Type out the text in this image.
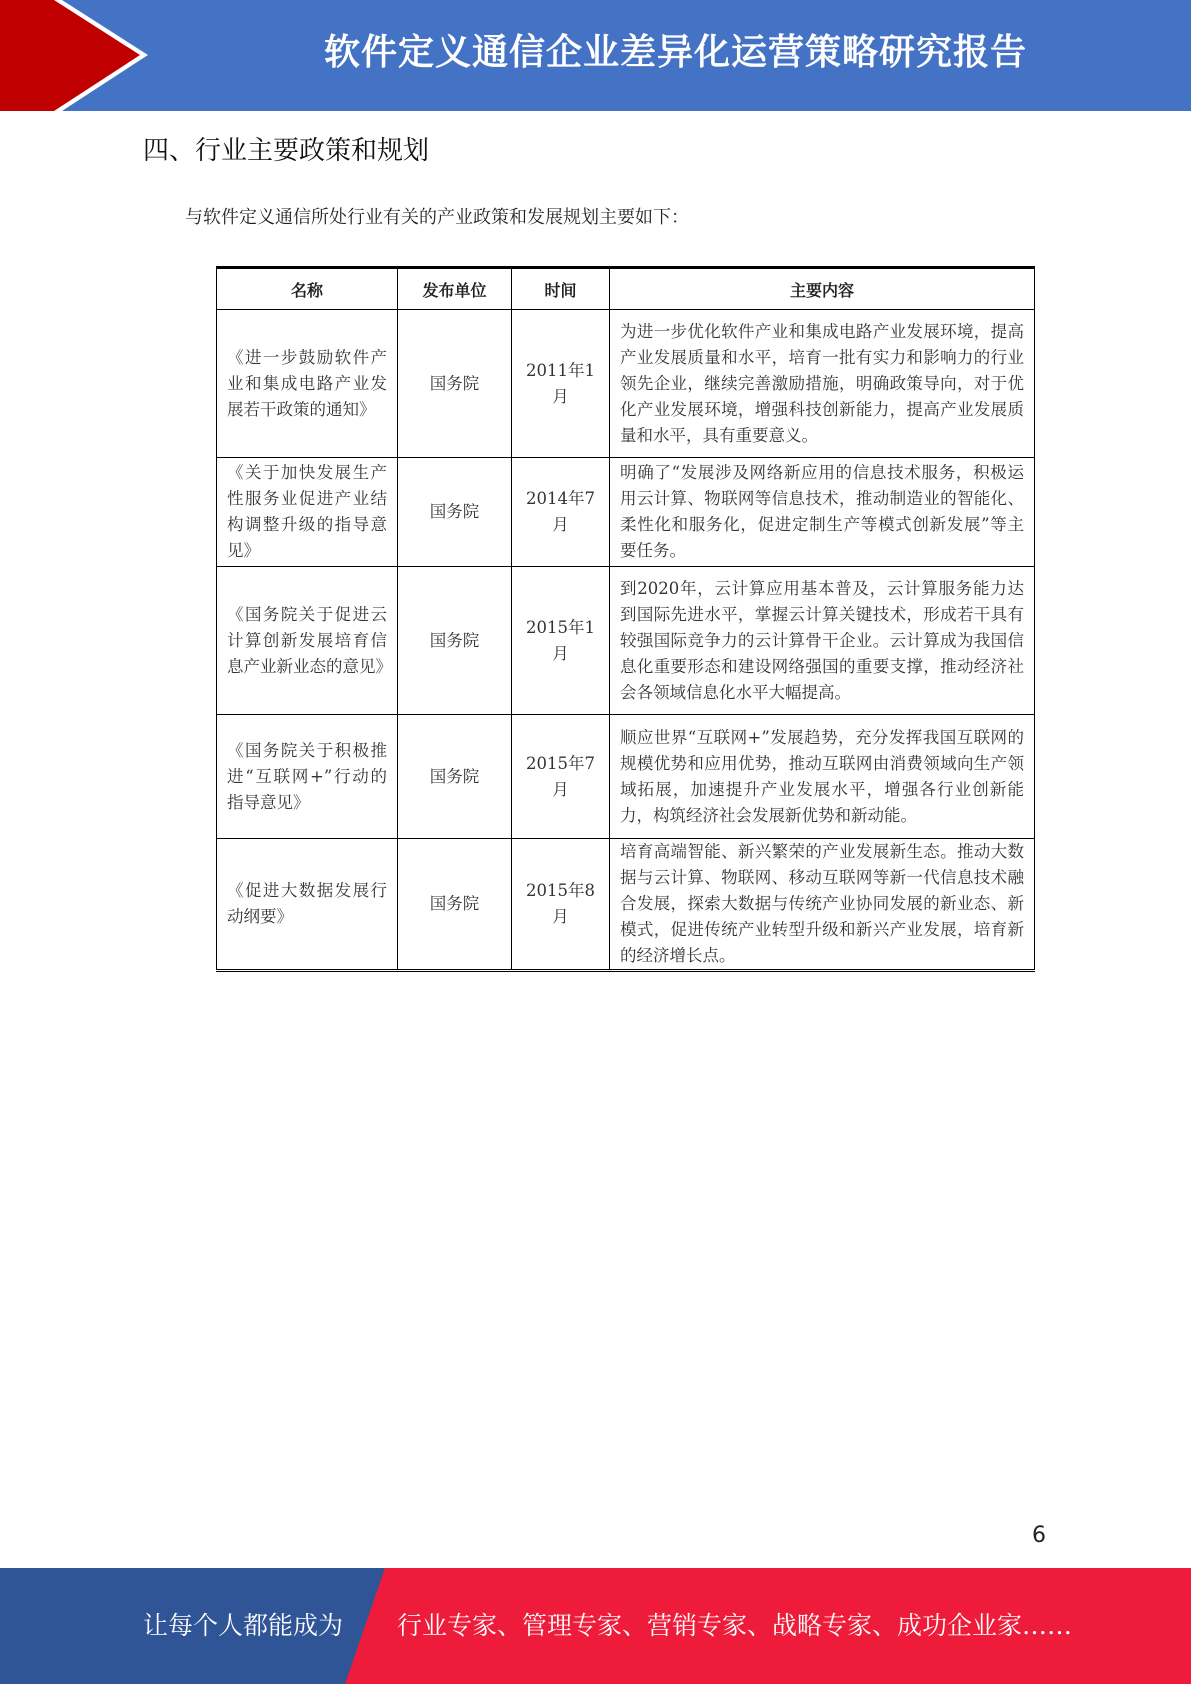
软件定义通信企业差异化运营策略研究报告
四、行业主要政策和规划
与软件定义通信所处行业有关的产业政策和发展规划主要如下：
名称	发布单位	时间	主要内容
《进一步鼓励软件产业和集成电路产业发展若干政策的通知》	国务院	2011年1月	为进一步优化软件产业和集成电路产业发展环境，提高产业发展质量和水平，培育一批有实力和影响力的行业领先企业，继续完善激励措施，明确政策导向，对于优化产业发展环境，增强科技创新能力，提高产业发展质量和水平，具有重要意义。
《关于加快发展生产性服务业促进产业结构调整升级的指导意见》	国务院	2014年7月	明确了“发展涉及网络新应用的信息技术服务，积极运用云计算、物联网等信息技术，推动制造业的智能化、柔性化和服务化，促进定制生产等模式创新发展”等主要任务。
《国务院关于促进云计算创新发展培育信息产业新业态的意见》	国务院	2015年1月	到2020年，云计算应用基本普及，云计算服务能力达到国际先进水平，掌握云计算关键技术，形成若干具有较强国际竞争力的云计算骨干企业。云计算成为我国信息化重要形态和建设网络强国的重要支撑，推动经济社会各领域信息化水平大幅提高。
《国务院关于积极推进“互联网+”行动的指导意见》	国务院	2015年7月	顺应世界“互联网+”发展趋势，充分发挥我国互联网的规模优势和应用优势，推动互联网由消费领域向生产领域拓展，加速提升产业发展水平，增强各行业创新能力，构筑经济社会发展新优势和新动能。
《促进大数据发展行动纲要》	国务院	2015年8月	培育高端智能、新兴繁荣的产业发展新生态。推动大数据与云计算、物联网、移动互联网等新一代信息技术融合发展，探索大数据与传统产业协同发展的新业态、新模式，促进传统产业转型升级和新兴产业发展，培育新的经济增长点。
6
让每个人都能成为 行业专家、管理专家、营销专家、战略专家、成功企业家……
